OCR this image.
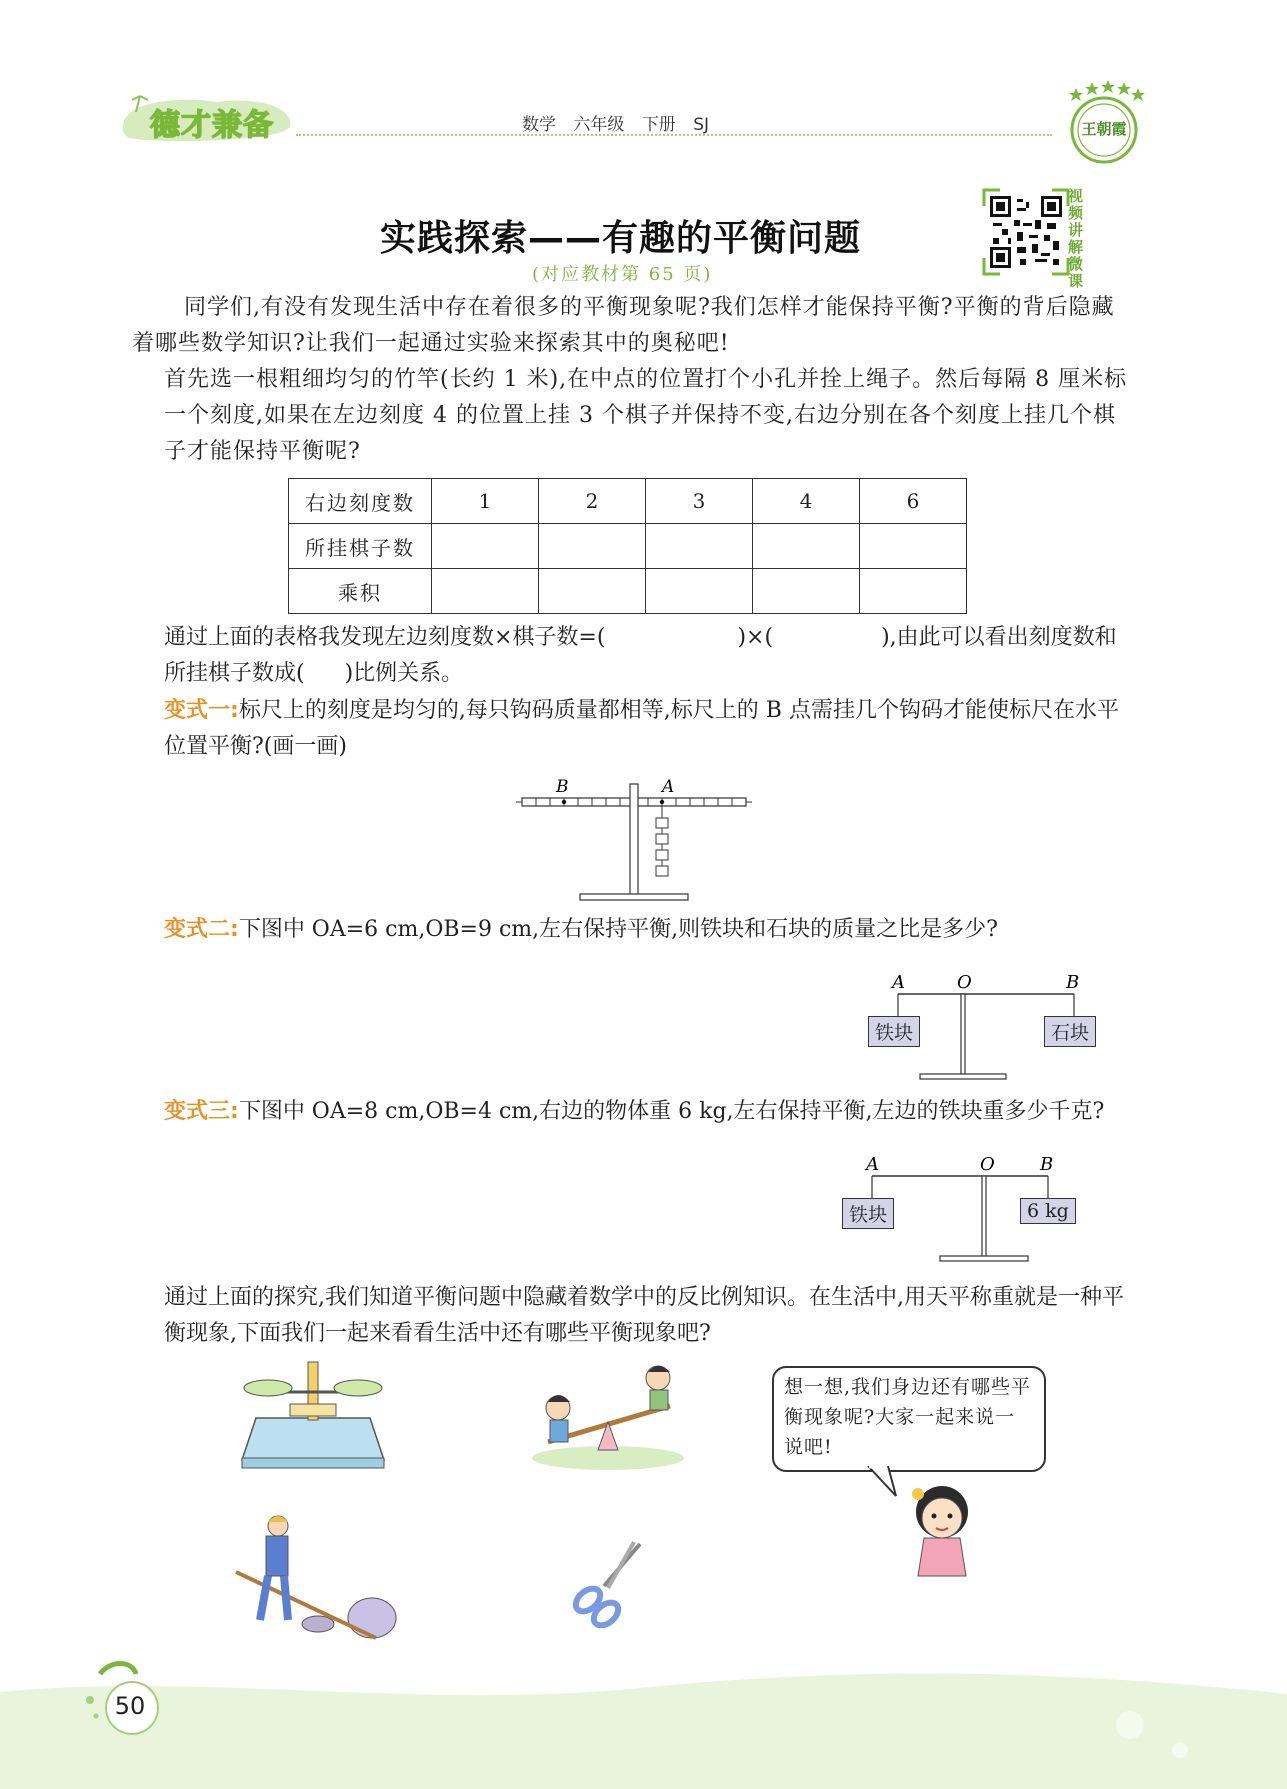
德才兼备	数学 六年级 下册 SJ	王朝霞
实践探索——有趣的平衡问题
(对应教材第 65 页)
视频讲解微课
同学们,有没有发现生活中存在着很多的平衡现象呢?我们怎样才能保持平衡?平衡的背后隐藏着哪些数学知识?让我们一起通过实验来探索其中的奥秘吧!
首先选一根粗细均匀的竹竿(长约 1 米),在中点的位置打个小孔并拴上绳子。然后每隔 8 厘米标一个刻度,如果在左边刻度 4 的位置上挂 3 个棋子并保持不变,右边分别在各个刻度上挂几个棋子才能保持平衡呢?
右边刻度数	1	2	3	4	6
所挂棋子数					
乘积					
通过上面的表格我发现左边刻度数×棋子数=(	)×(	),由此可以看出刻度数和所挂棋子数成( )比例关系。
变式一:标尺上的刻度是均匀的,每只钩码质量都相等,标尺上的 B 点需挂几个钩码才能使标尺在水平位置平衡?(画一画)
B	A
变式二:下图中 OA=6 cm,OB=9 cm,左右保持平衡,则铁块和石块的质量之比是多少?
A	O	B
铁块	石块
变式三:下图中 OA=8 cm,OB=4 cm,右边的物体重 6 kg,左右保持平衡,左边的铁块重多少千克?
A	O	B
铁块	6 kg
通过上面的探究,我们知道平衡问题中隐藏着数学中的反比例知识。在生活中,用天平称重就是一种平衡现象,下面我们一起来看看生活中还有哪些平衡现象吧?
想一想,我们身边还有哪些平衡现象呢?大家一起来说一说吧!
50
